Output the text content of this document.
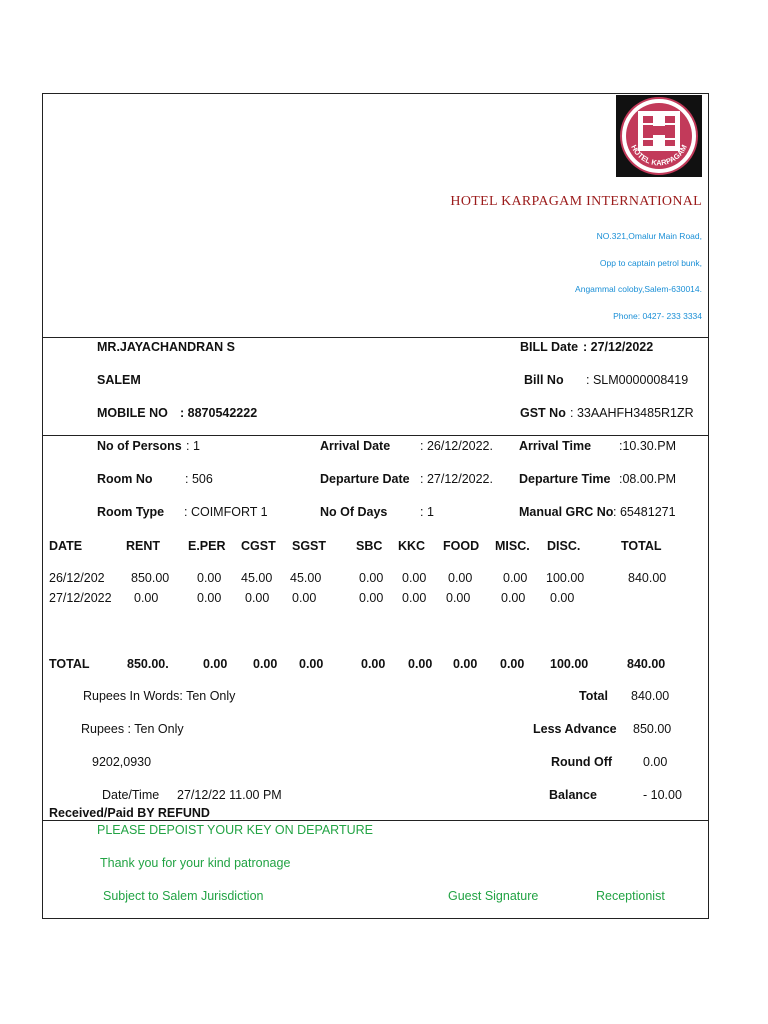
HOTEL KARPAGAM
HOTEL KARPAGAM INTERNATIONAL
NO.321,Omalur Main Road,
Opp to captain petrol bunk,
Angammal coloby,Salem-630014.
Phone: 0427- 233 3334
MR.JAYACHANDRAN S
SALEM
MOBILE NO : 8870542222
BILL Date : 27/12/2022
Bill No : SLM0000008419
GST No : 33AAHFH3485R1ZR
No of Persons : 1
Room No	: 506
Room Type : COIMFORT 1
Arrival Date : 26/12/2022.
Departure Date : 27/12/2022.
No Of Days	: 1
Arrival Time :10.30.PM
Departure Time :08.00.PM
Manual GRC No : 65481271
DATE	RENT E.PER CGST SGST SBC KKC FOOD MISC. DISC.	TOTAL
26/12/202 850.00 0.00 45.00 45.00	0.00 0.00 0.00 0.00 100.00	840.00
27/12/2022 0.00	0.00 0.00 0.00	0.00 0.00 0.00 0.00 0.00
TOTAL	850.00.	0.00 0.00 0.00	0.00 0.00 0.00 0.00 100.00	840.00
Rupees In Words: Ten Only
Rupees : Ten Only
9202,0930
Date/Time 27/12/22 11.00 PM
Received/Paid BY REFUND
Total 840.00
Less Advance 850.00
Round Off 0.00
Balance	- 10.00
PLEASE DEPOIST YOUR KEY ON DEPARTURE
Thank you for your kind patronage
Subject to Salem Jurisdiction	Guest Signature	Receptionist
